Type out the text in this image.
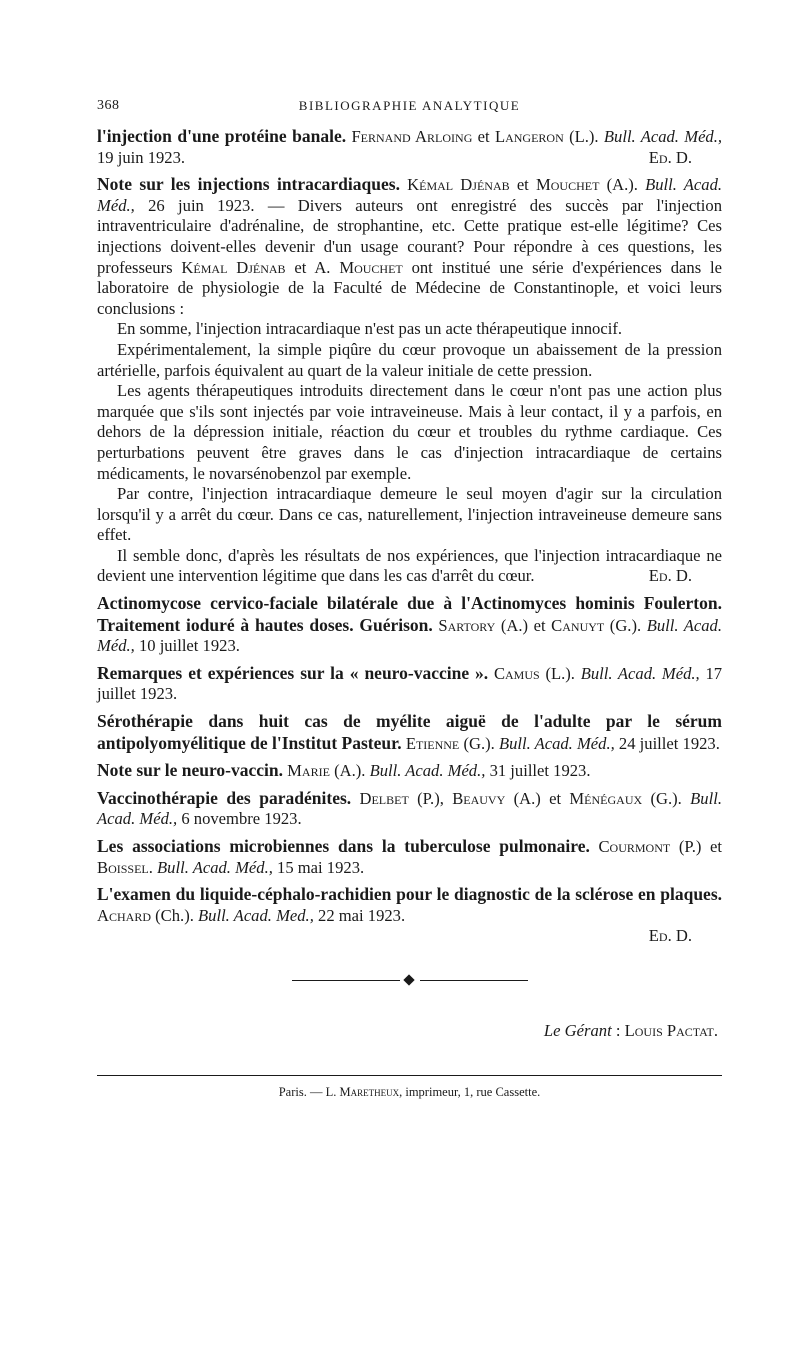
368	BIBLIOGRAPHIE ANALYTIQUE

l'injection d'une protéine banale. Fernand Arloing et Langeron (L.). Bull. Acad. Méd., 19 juin 1923.	Ed. D.

Note sur les injections intracardiaques. Kémal Djénab et Mouchet (A.). Bull. Acad. Méd., 26 juin 1923. — Divers auteurs ont enregistré des succès par l'injection intraventriculaire d'adrénaline, de strophantine, etc. Cette pratique est-elle légitime? Ces injections doivent-elles devenir d'un usage courant? Pour répondre à ces questions, les professeurs Kémal Djénab et A. Mouchet ont institué une série d'expériences dans le laboratoire de physiologie de la Faculté de Médecine de Constantinople, et voici leurs conclusions :

En somme, l'injection intracardiaque n'est pas un acte thérapeutique innocif.

Expérimentalement, la simple piqûre du cœur provoque un abaissement de la pression artérielle, parfois équivalent au quart de la valeur initiale de cette pression.

Les agents thérapeutiques introduits directement dans le cœur n'ont pas une action plus marquée que s'ils sont injectés par voie intraveineuse. Mais à leur contact, il y a parfois, en dehors de la dépression initiale, réaction du cœur et troubles du rythme cardiaque. Ces perturbations peuvent être graves dans le cas d'injection intracardiaque de certains médicaments, le novarsénobenzol par exemple.

Par contre, l'injection intracardiaque demeure le seul moyen d'agir sur la circulation lorsqu'il y a arrêt du cœur. Dans ce cas, naturellement, l'injection intraveineuse demeure sans effet.

Il semble donc, d'après les résultats de nos expériences, que l'injection intracardiaque ne devient une intervention légitime que dans les cas d'arrêt du cœur.	Ed. D.

Actinomycose cervico-faciale bilatérale due à l'Actinomyces hominis Foulerton. Traitement ioduré à hautes doses. Guérison. Sartory (A.) et Canuyt (G.). Bull. Acad. Méd., 10 juillet 1923.

Remarques et expériences sur la « neuro-vaccine ». Camus (L.). Bull. Acad. Méd., 17 juillet 1923.

Sérothérapie dans huit cas de myélite aiguë de l'adulte par le sérum antipolyomyélitique de l'Institut Pasteur. Etienne (G.). Bull. Acad. Méd., 24 juillet 1923.

Note sur le neuro-vaccin. Marie (A.). Bull. Acad. Méd., 31 juillet 1923.

Vaccinothérapie des paradénites. Delbet (P.), Beauvy (A.) et Ménégaux (G.). Bull. Acad. Méd., 6 novembre 1923.

Les associations microbiennes dans la tuberculose pulmonaire. Courmont (P.) et Boissel. Bull. Acad. Méd., 15 mai 1923.

L'examen du liquide-céphalo-rachidien pour le diagnostic de la sclérose en plaques. Achard (Ch.). Bull. Acad. Med., 22 mai 1923.

Ed. D.
Le Gérant : Louis Pactat.
Paris. — L. Maretheux, imprimeur, 1, rue Cassette.
